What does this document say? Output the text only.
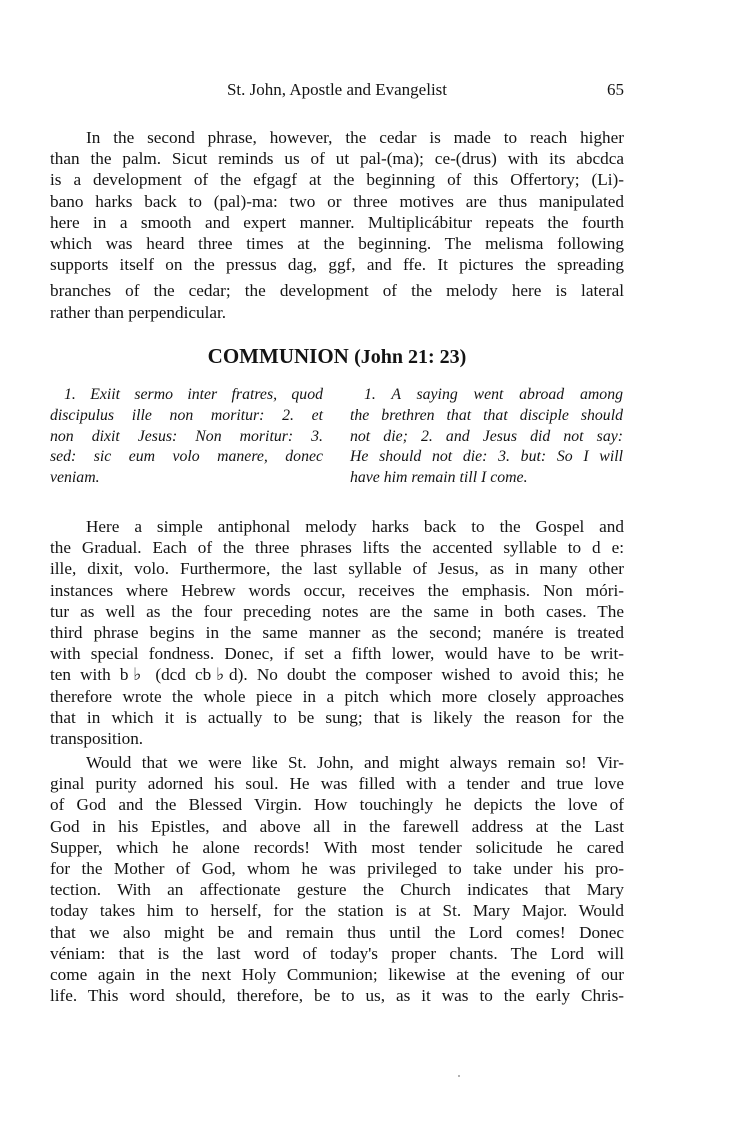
St. John, Apostle and Evangelist	65
In the second phrase, however, the cedar is made to reach higher
than the palm. Sicut reminds us of ut pal-(ma); ce-(drus) with its abcdca
is a development of the efgagf at the beginning of this Offertory; (Li)-
bano harks back to (pal)-ma: two or three motives are thus manipulated
here in a smooth and expert manner. Multiplicábitur repeats the fourth
which was heard three times at the beginning. The melisma following
supports itself on the pressus dag, ggf, and ffe. It pictures the spreading
branches of the cedar; the development of the melody here is lateral
rather than perpendicular.
COMMUNION (John 21: 23)
1. Exiit sermo inter fratres, quod
discipulus ille non moritur: 2. et
non dixit Jesus: Non moritur: 3.
sed: sic eum volo manere, donec
veniam.
1. A saying went abroad among
the brethren that that disciple should
not die; 2. and Jesus did not say:
He should not die: 3. but: So I will
have him remain till I come.
Here a simple antiphonal melody harks back to the Gospel and
the Gradual. Each of the three phrases lifts the accented syllable to d e:
ille, dixit, volo. Furthermore, the last syllable of Jesus, as in many other
instances where Hebrew words occur, receives the emphasis. Non móri-
tur as well as the four preceding notes are the same in both cases. The
third phrase begins in the same manner as the second; manére is treated
with special fondness. Donec, if set a fifth lower, would have to be writ-
ten with b♭ (dcd cb♭d). No doubt the composer wished to avoid this; he
therefore wrote the whole piece in a pitch which more closely approaches
that in which it is actually to be sung; that is likely the reason for the
transposition.
Would that we were like St. John, and might always remain so! Vir-
ginal purity adorned his soul. He was filled with a tender and true love
of God and the Blessed Virgin. How touchingly he depicts the love of
God in his Epistles, and above all in the farewell address at the Last
Supper, which he alone records! With most tender solicitude he cared
for the Mother of God, whom he was privileged to take under his pro-
tection. With an affectionate gesture the Church indicates that Mary
today takes him to herself, for the station is at St. Mary Major. Would
that we also might be and remain thus until the Lord comes! Donec
véniam: that is the last word of today's proper chants. The Lord will
come again in the next Holy Communion; likewise at the evening of our
life. This word should, therefore, be to us, as it was to the early Chris-
